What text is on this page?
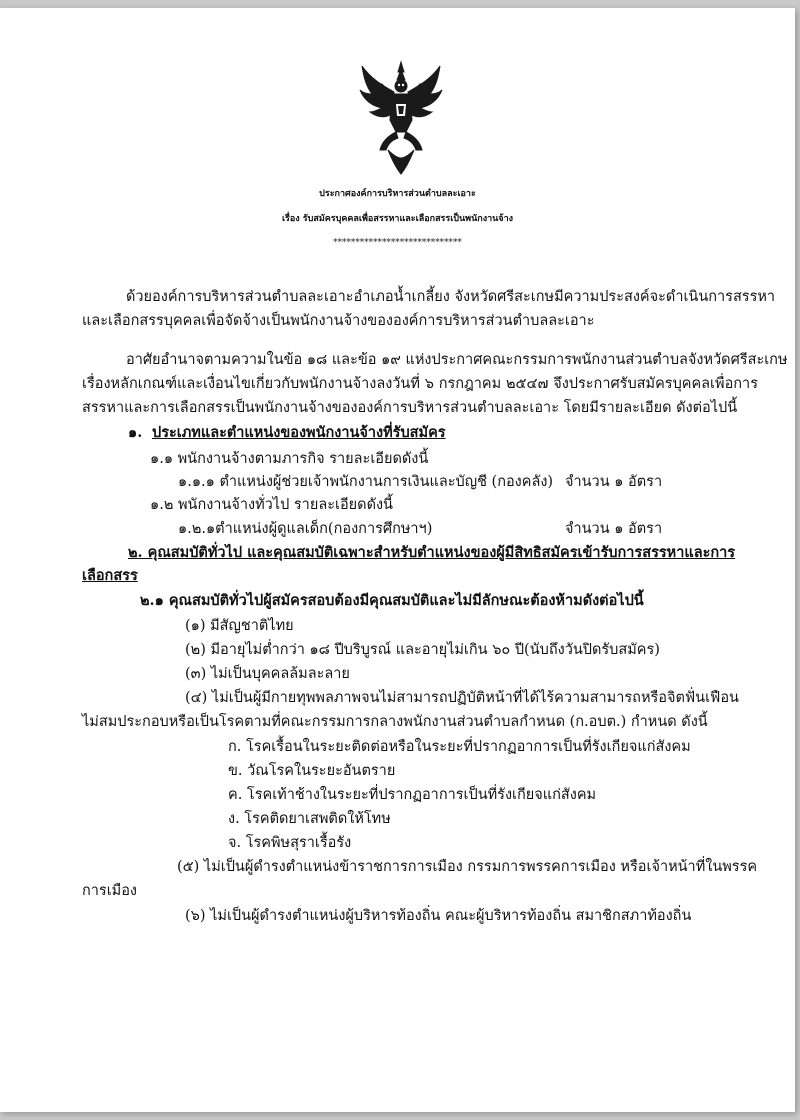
ประกาศองค์การบริหารส่วนตำบลละเอาะ
เรื่อง รับสมัครบุคคลเพื่อสรรหาและเลือกสรรเป็นพนักงานจ้าง
*****************************
ด้วยองค์การบริหารส่วนตำบลละเอาะอำเภอน้ำเกลี้ยง จังหวัดศรีสะเกษมีความประสงค์จะดำเนินการสรรหา
และเลือกสรรบุคคลเพื่อจัดจ้างเป็นพนักงานจ้างขององค์การบริหารส่วนตำบลละเอาะ
อาศัยอำนาจตามความในข้อ ๑๘ และข้อ ๑๙ แห่งประกาศคณะกรรมการพนักงานส่วนตำบลจังหวัดศรีสะเกษ
เรื่องหลักเกณฑ์และเงื่อนไขเกี่ยวกับพนักงานจ้างลงวันที่ ๖ กรกฎาคม ๒๕๔๗ จึงประกาศรับสมัครบุคคลเพื่อการ
สรรหาและการเลือกสรรเป็นพนักงานจ้างขององค์การบริหารส่วนตำบลละเอาะ โดยมีรายละเอียด ดังต่อไปนี้
๑. ประเภทและตำแหน่งของพนักงานจ้างที่รับสมัคร
๑.๑ พนักงานจ้างตามภารกิจ รายละเอียดดังนี้
๑.๑.๑ ตำแหน่งผู้ช่วยเจ้าพนักงานการเงินและบัญชี (กองคลัง) จำนวน ๑ อัตรา
๑.๒ พนักงานจ้างทั่วไป รายละเอียดดังนี้
๑.๒.๑ตำแหน่งผู้ดูแลเด็ก(กองการศึกษาฯ)	จำนวน ๑ อัตรา
๒. คุณสมบัติทั่วไป และคุณสมบัติเฉพาะสำหรับตำแหน่งของผู้มีสิทธิสมัครเข้ารับการสรรหาและการ
เลือกสรร
๒.๑ คุณสมบัติทั่วไปผู้สมัครสอบต้องมีคุณสมบัติและไม่มีลักษณะต้องห้ามดังต่อไปนี้
(๑) มีสัญชาติไทย
(๒) มีอายุไม่ต่ำกว่า ๑๘ ปีบริบูรณ์ และอายุไม่เกิน ๖๐ ปี(นับถึงวันปิดรับสมัคร)
(๓) ไม่เป็นบุคคลล้มละลาย
(๔) ไม่เป็นผู้มีกายทุพพลภาพจนไม่สามารถปฏิบัติหน้าที่ได้ไร้ความสามารถหรือจิตฟั่นเฟือน
ไม่สมประกอบหรือเป็นโรคตามที่คณะกรรมการกลางพนักงานส่วนตำบลกำหนด (ก.อบต.) กำหนด ดังนี้
ก. โรคเรื้อนในระยะติดต่อหรือในระยะที่ปรากฏอาการเป็นที่รังเกียจแก่สังคม
ข. วัณโรคในระยะอันตราย
ค. โรคเท้าช้างในระยะที่ปรากฏอาการเป็นที่รังเกียจแก่สังคม
ง. โรคติดยาเสพติดให้โทษ
จ. โรคพิษสุราเรื้อรัง
(๕) ไม่เป็นผู้ดำรงตำแหน่งข้าราชการการเมือง กรรมการพรรคการเมือง หรือเจ้าหน้าที่ในพรรค
การเมือง
(๖) ไม่เป็นผู้ดำรงตำแหน่งผู้บริหารท้องถิ่น คณะผู้บริหารท้องถิ่น สมาชิกสภาท้องถิ่น
